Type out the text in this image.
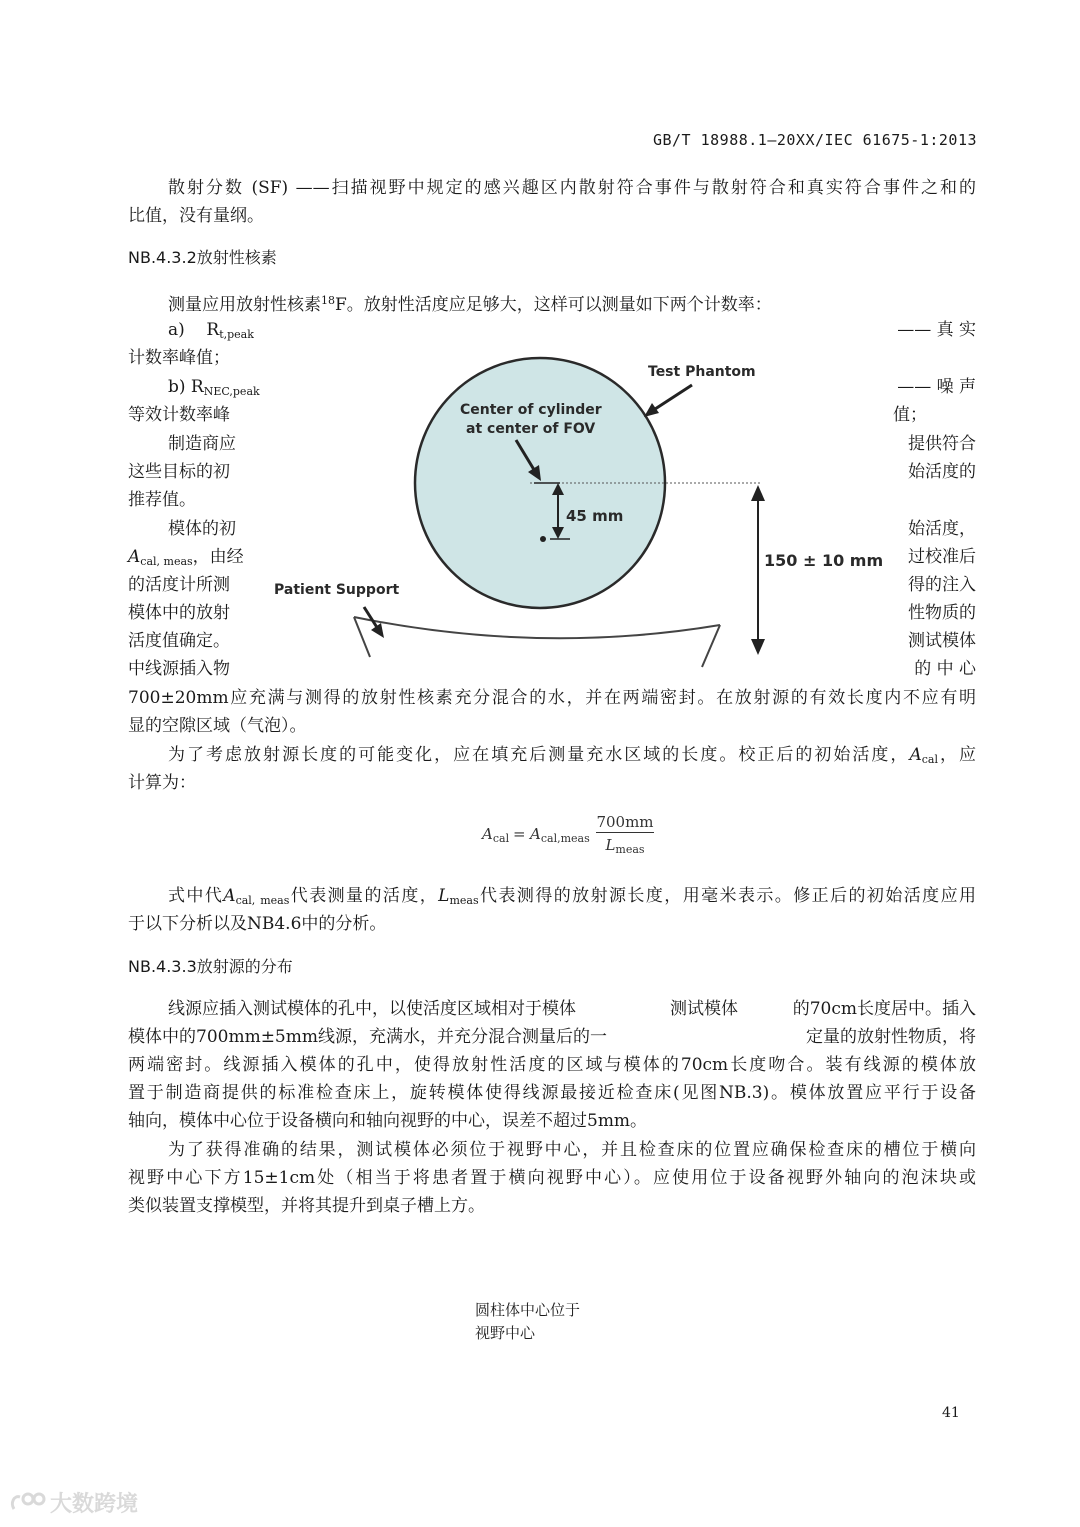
GB/T 18988.1—20XX/IEC 61675-1:2013
散射分数 (SF) ——扫描视野中规定的感兴趣区内散射符合事件与散射符合和真实符合事件之和的
比值，没有量纲。
NB.4.3.2放射性核素
测量应用放射性核素$^{18}$F。放射性活度应足够大，这样可以测量如下两个计数率：
a) $R_{t,peak}$	—— 真 实
计数率峰值；
b) $R_{NEC,peak}$	—— 噪 声
等效计数率峰	值；
制造商应
这些目标的初
推荐值。
模体的初
$A_{cal, meas}$，由经
的活度计所测
模体中的放射
活度值确定。
中线源插入物
提供符合
始活度的
始活度，
过校准后
得的注入
性物质的
测试模体
的 中 心
45 mm
Center of cylinder
at center of FOV
Test Phantom
150 ± 10 mm
Patient Support
700±20mm应充满与测得的放射性核素充分混合的水，并在两端密封。在放射源的有效长度内不应有明
显的空隙区域（气泡）。
为了考虑放射源长度的可能变化，应在填充后测量充水区域的长度。校正后的初始活度，$A_{cal}$，应
计算为：
$A_{cal} = A_{cal,meas}$
700mm
$L_{meas}$
式中代$A_{cal, meas}$代表测量的活度，$L_{meas}$代表测得的放射源长度，用毫米表示。修正后的初始活度应用
于以下分析以及NB4.6中的分析。
NB.4.3.3放射源的分布
线源应插入测试模体的孔中，以使活度区域相对于模体	测试模体	的70cm长度居中。插入
模体中的700mm±5mm线源，充满水，并充分混合测量后的一	定量的放射性物质，将
两端密封。线源插入模体的孔中，使得放射性活度的区域与模体的70cm长度吻合。装有线源的模体放
置于制造商提供的标准检查床上，旋转模体使得线源最接近检查床(见图NB.3)。模体放置应平行于设备
轴向，模体中心位于设备横向和轴向视野的中心，误差不超过5mm。
为了获得准确的结果，测试模体必须位于视野中心，并且检查床的位置应确保检查床的槽位于横向
视野中心下方15±1cm处（相当于将患者置于横向视野中心）。应使用位于设备视野外轴向的泡沫块或
类似装置支撑模型，并将其提升到桌子槽上方。
圆柱体中心位于
视野中心
41
大数跨境
